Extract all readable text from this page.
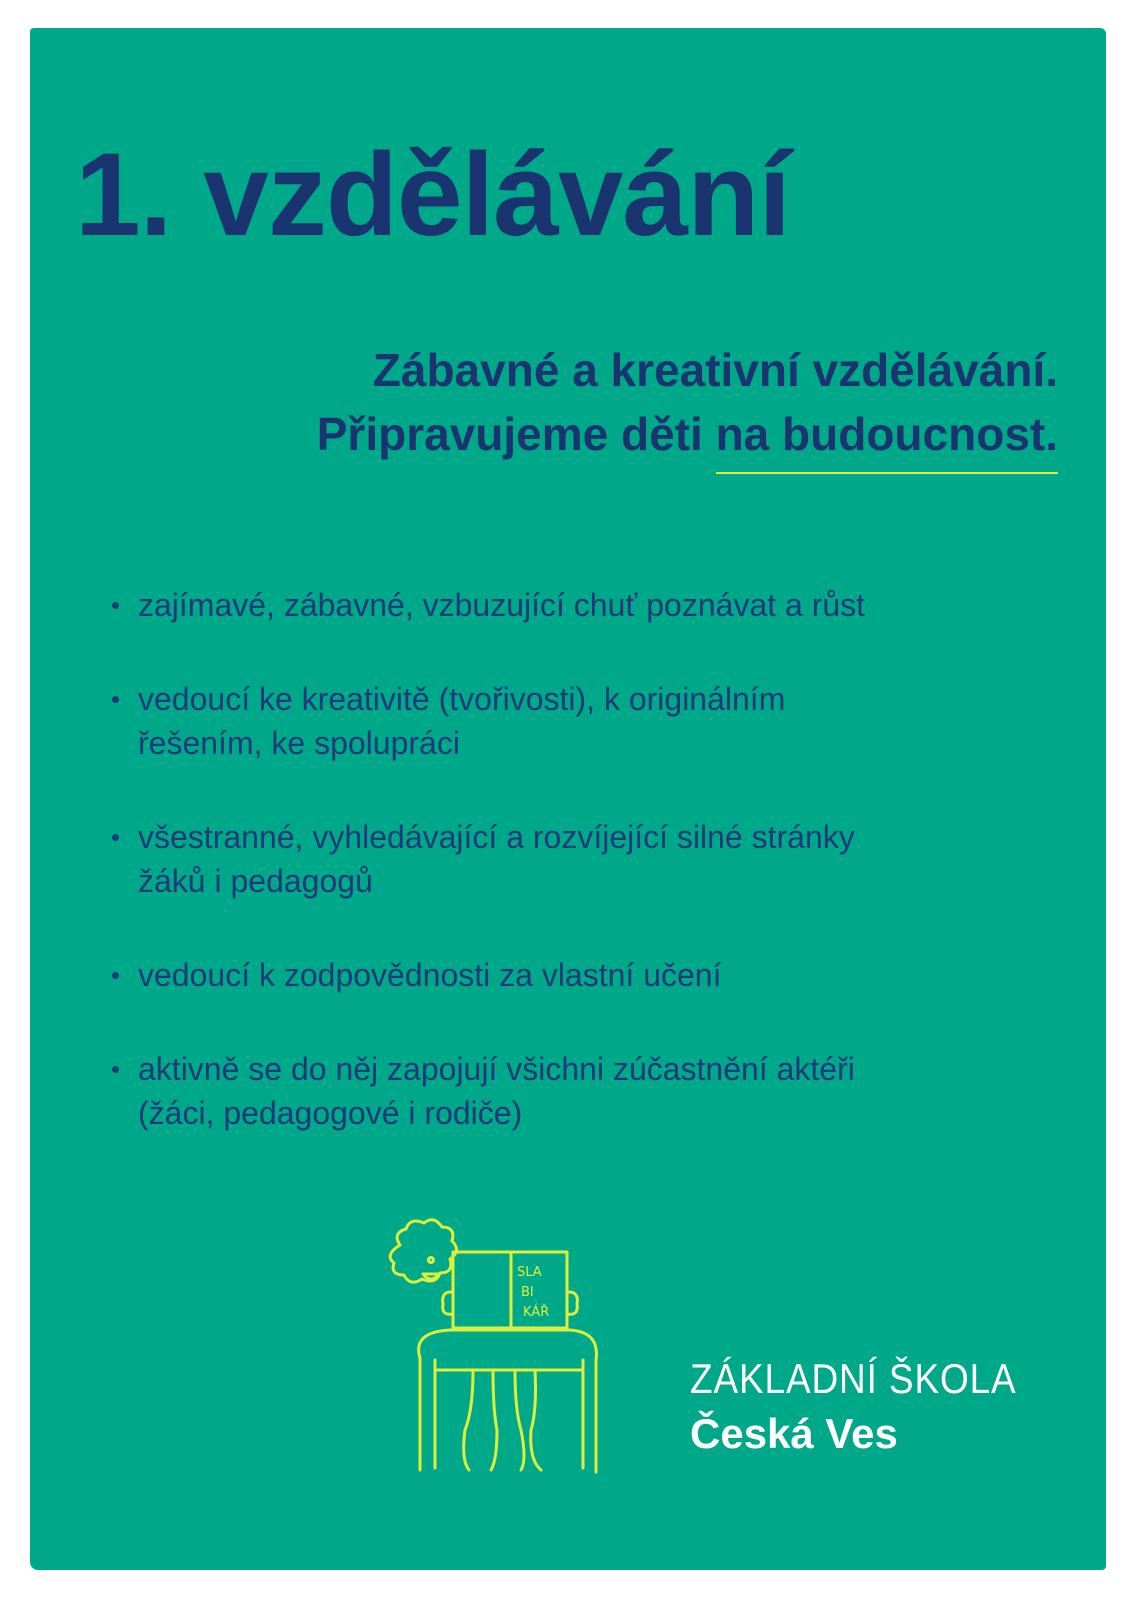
1. vzdělávání
Zábavné a kreativní vzdělávání.
Připravujeme děti na budoucnost.
zajímavé, zábavné, vzbuzující chuť poznávat a růst
vedoucí ke kreativitě (tvořivosti), k originálním
řešením, ke spolupráci
všestranné, vyhledávající a rozvíjející silné stránky
žáků i pedagogů
vedoucí k zodpovědnosti za vlastní učení
aktivně se do něj zapojují všichni zúčastnění aktéři
(žáci, pedagogové i rodiče)
SLA
BI
KÁŘ
ZÁKLADNÍ ŠKOLA
Česká Ves
